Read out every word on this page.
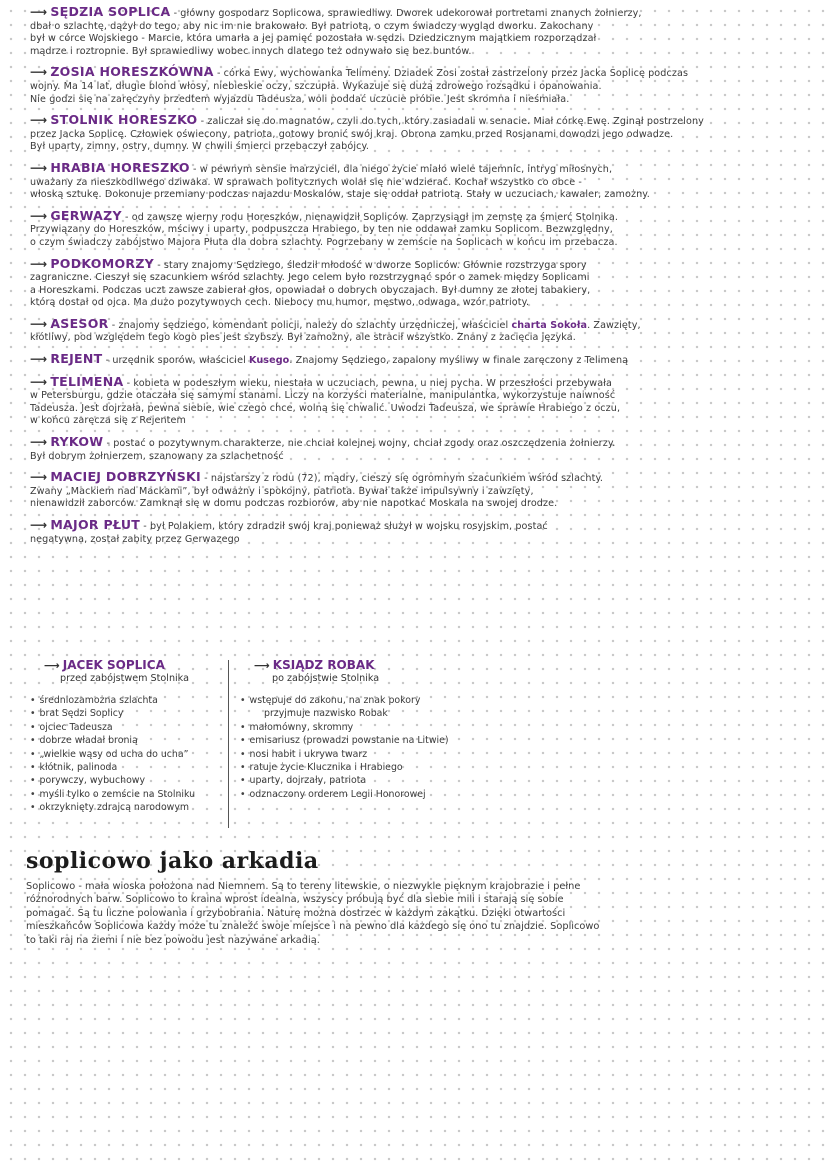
⟶ SĘDZIA SOPLICA - główny gospodarz Soplicowa, sprawiedliwy. Dworek udekorował portretami znanych żołnierzy,

dbał o szlachtę, dążył do tego, aby nic im nie brakowało. Był patriotą, o czym świadczy wygląd dworku. Zakochany

był w córce Wojskiego - Marcie, która umarła a jej pamięć pozostała w sędzi. Dziedzicznym majątkiem rozporządzał

mądrze i roztropnie. Był sprawiedliwy wobec innych dlatego też odnywało się bez buntów.

⟶ ZOSIA HORESZKÓWNA - córka Ewy, wychowanka Telimeny. Dziadek Zosi został zastrzelony przez Jacka Soplicę podczas

wojny. Ma 14 lat, długie blond włosy, niebieskie oczy, szczupła. Wykazuje się dużą zdrowego rozsądku i opanowania.

Nie godzi się na zaręczyny przedtem wyjazdu Tadeusza, woli poddać uczucie próbie. Jest skromna i nieśmiała.

⟶ STOLNIK HORESZKO - zaliczał się do magnatów, czyli do tych, który zasiadali w senacie. Miał córkę Ewę. Zginął postrzelony

przez Jacka Soplicę. Człowiek oświecony, patriota, gotowy bronić swój kraj. Obrona zamku przed Rosjanami dowodzi jego odwadze.

Był uparty, zimny, ostry, dumny. W chwili śmierci przebaczył zabójcy.

⟶ HRABIA HORESZKO - w pewnym sensie marzyciel, dla niego życie miało wiele tajemnic, intryg miłosnych,

uważany za nieszkodliwego dziwaka. W sprawach politycznych wolał się nie wdzierać. Kochał wszystko co obce -

włoską sztukę. Dokonuje przemiany podczas najazdu Moskalów, staje się oddał patriotą. Stały w uczuciach, kawaler, zamożny.

⟶ GERWAZY - od zawsze wierny rodu Horeszków, nienawidził Sopliców. Zaprzysiągł im zemstę za śmierć Stolnika.

Przywiązany do Horeszków, mściwy i uparty, podpuszcza Hrabiego, by ten nie oddawał zamku Soplicom. Bezwzględny,

o czym świadczy zabójstwo Majora Płuta dla dobra szlachty. Pogrzebany w zemście na Soplicach w końcu im przebacza.

⟶ PODKOMORZY - stary znajomy Sędziego, śledził młodość w dworze Sopliców. Głównie rozstrzyga spory

zagraniczne. Cieszył się szacunkiem wśród szlachty. Jego celem było rozstrzygnąć spór o zamek między Soplicami

a Horeszkami. Podczas uczt zawsze zabierał głos, opowiadał o dobrych obyczajach. Był dumny ze złotej tabakiery,

którą dostał od ojca. Ma dużo pozytywnych cech. Niebocy mu humor, męstwo, odwaga, wzór patrioty.

⟶ ASESOR - znajomy sędziego, komendant policji, należy do szlachty urzędniczej, właściciel charta Sokoła. Zawzięty,

kłótliwy, pod względem tego kogo pies jest szybszy. Był zamożny, ale stracił wszystko. Znany z zacięcia języka.

⟶ REJENT - urzędnik sporów, właściciel Kusego. Znajomy Sędziego, zapalony myśliwy w finale zaręczony z Telimeną

⟶ TELIMENA - kobieta w podeszłym wieku, niestała w uczuciach, pewna, u niej pycha. W przeszłości przebywała

w Petersburgu, gdzie otaczała się samymi stanami. Liczy na korzyści materialne, manipulantka, wykorzystuje naiwność

Tadeusza. Jest dojrzała, pewna siebie, wie czego chce, wolną się chwalić. Uwodzi Tadeusza, we sprawie Hrabiego z oczu,

w końcu zaręcza się z Rejentem

⟶ RYKOW - postać o pozytywnym charakterze, nie chciał kolejnej wojny, chciał zgody oraz oszczędzenia żołnierzy.

Był dobrym żołnierzem, szanowany za szlachetność

⟶ MACIEJ DOBRZYŃSKI - najstarszy z rodu (72), mądry, cieszy się ogromnym szacunkiem wśród szlachty.

Zwany „Mackiem nad Mackami”, był odważny i spokojny, patriota. Bywał także impulsywny i zawzięty,

nienawidził zaborców. Zamknął się w domu podczas rozbiorów, aby nie napotkać Moskala na swojej drodze.

⟶ MAJOR PŁUT - był Polakiem, który zdradził swój kraj ponieważ służył w wojsku rosyjskim, postać

negatywna, został zabity przez Gerwazego

⟶ JACEK SOPLICA
przed zabójstwem Stolnika
• średniozamożna szlachta
• brat Sędzi Soplicy
• ojciec Tadeusza
• dobrze władał bronią
• „wielkie wąsy od ucha do ucha”
• kłótnik, palinoda
• porywczy, wybuchowy
• myśli tylko o zemście na Stolniku
• okrzyknięty zdrajcą narodowym
⟶ KSIĄDZ ROBAK
po zabójstwie Stolnika
• wstępuje do zakonu, na znak pokory
przyjmuje nazwisko Robak
• małomówny, skromny
• emisariusz (prowadzi powstanie na Litwie)
• nosi habit i ukrywa twarz
• ratuje życie Klucznika i Hrabiego
• uparty, dojrzały, patriota
• odznaczony orderem Legii Honorowej
soplicowo jako arkadia
Soplicowo - mała wioska położona nad Niemnem. Są to tereny litewskie, o niezwykle pięknym krajobrazie i pełne
różnorodnych barw. Soplicowo to kraina wprost idealna, wszyscy próbują być dla siebie mili i starają się sobie
pomagać. Są tu liczne polowania i grzybobrania. Naturę można dostrzec w każdym zakątku. Dzięki otwartości
mieszkańców Soplicowa każdy może tu znaleźć swoje miejsce i na pewno dla każdego się ono tu znajdzie. Soplicowo
to taki raj na ziemi i nie bez powodu jest nazywane arkadią.
